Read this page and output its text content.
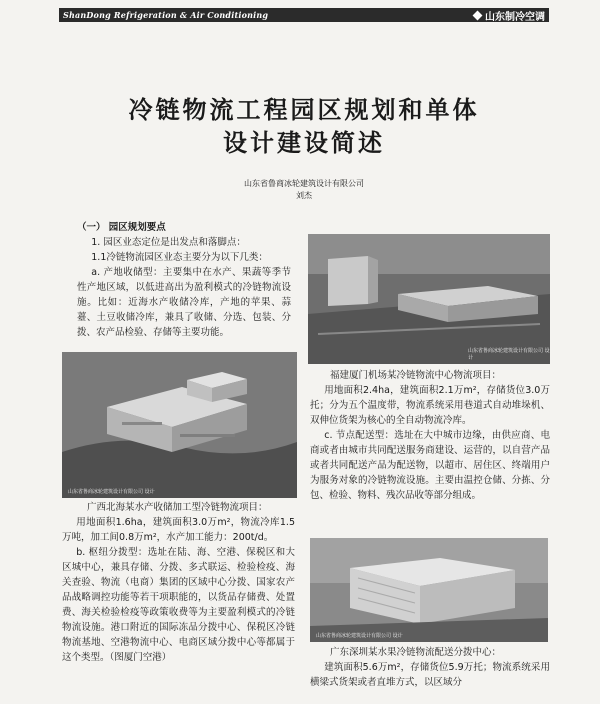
ShanDong Refrigeration & Air Conditioning	山东制冷空调
冷链物流工程园区规划和单体
设计建设简述
山东省鲁商冰轮建筑设计有限公司
刘杰

（一） 园区规划要点

1. 园区业态定位是出发点和落脚点：

1.1冷链物流园区业态主要分为以下几类：

a. 产地收储型：主要集中在水产、果蔬等季节性产地区域，以低进高出为盈利模式的冷链物流设施。比如：近海水产收储冷库，产地的苹果、蒜薹、土豆收储冷库，兼具了收储、分选、包装、分拨、农产品检验、存储等主要功能。

山东省鲁商冰轮建筑设计有限公司 设计
广西北海某水产收储加工型冷链物流项目：

用地面积1.6ha，建筑面积3.0万m²，物流冷库1.5万吨，加工间0.8万m²，水产加工能力：200t/d。

b. 枢纽分拨型：选址在陆、海、空港、保税区和大区城中心，兼具存储、分拨、多式联运、检验检疫、海关查验、物流（电商）集团的区域中心分拨、国家农产品战略调控功能等若干项职能的，以货品存储费、处置费、海关检验检疫等政策收费等为主要盈利模式的冷链物流设施。港口附近的国际冻品分拨中心、保税区冷链物流基地、空港物流中心、电商区域分拨中心等都属于这个类型。（图厦门空港）

山东省鲁商冰轮建筑设计有限公司 设计
福建厦门机场某冷链物流中心物流项目：

用地面积2.4ha，建筑面积2.1万m²，存储货位3.0万托；分为五个温度带，物流系统采用巷道式自动堆垛机、双伸位货架为核心的全自动物流冷库。

c. 节点配送型：选址在大中城市边缘，由供应商、电商或者由城市共同配送服务商建设、运营的，以自营产品或者共同配送产品为配送物，以超市、居住区、终端用户为服务对象的冷链物流设施。主要由温控仓储、分拣、分包、检验、物料、残次品收等部分组成。

山东省鲁商冰轮建筑设计有限公司 设计
广东深圳某水果冷链物流配送分拨中心：

建筑面积5.6万m²，存储货位5.9万托；物流系统采用横梁式货架或者直堆方式，以区域分
